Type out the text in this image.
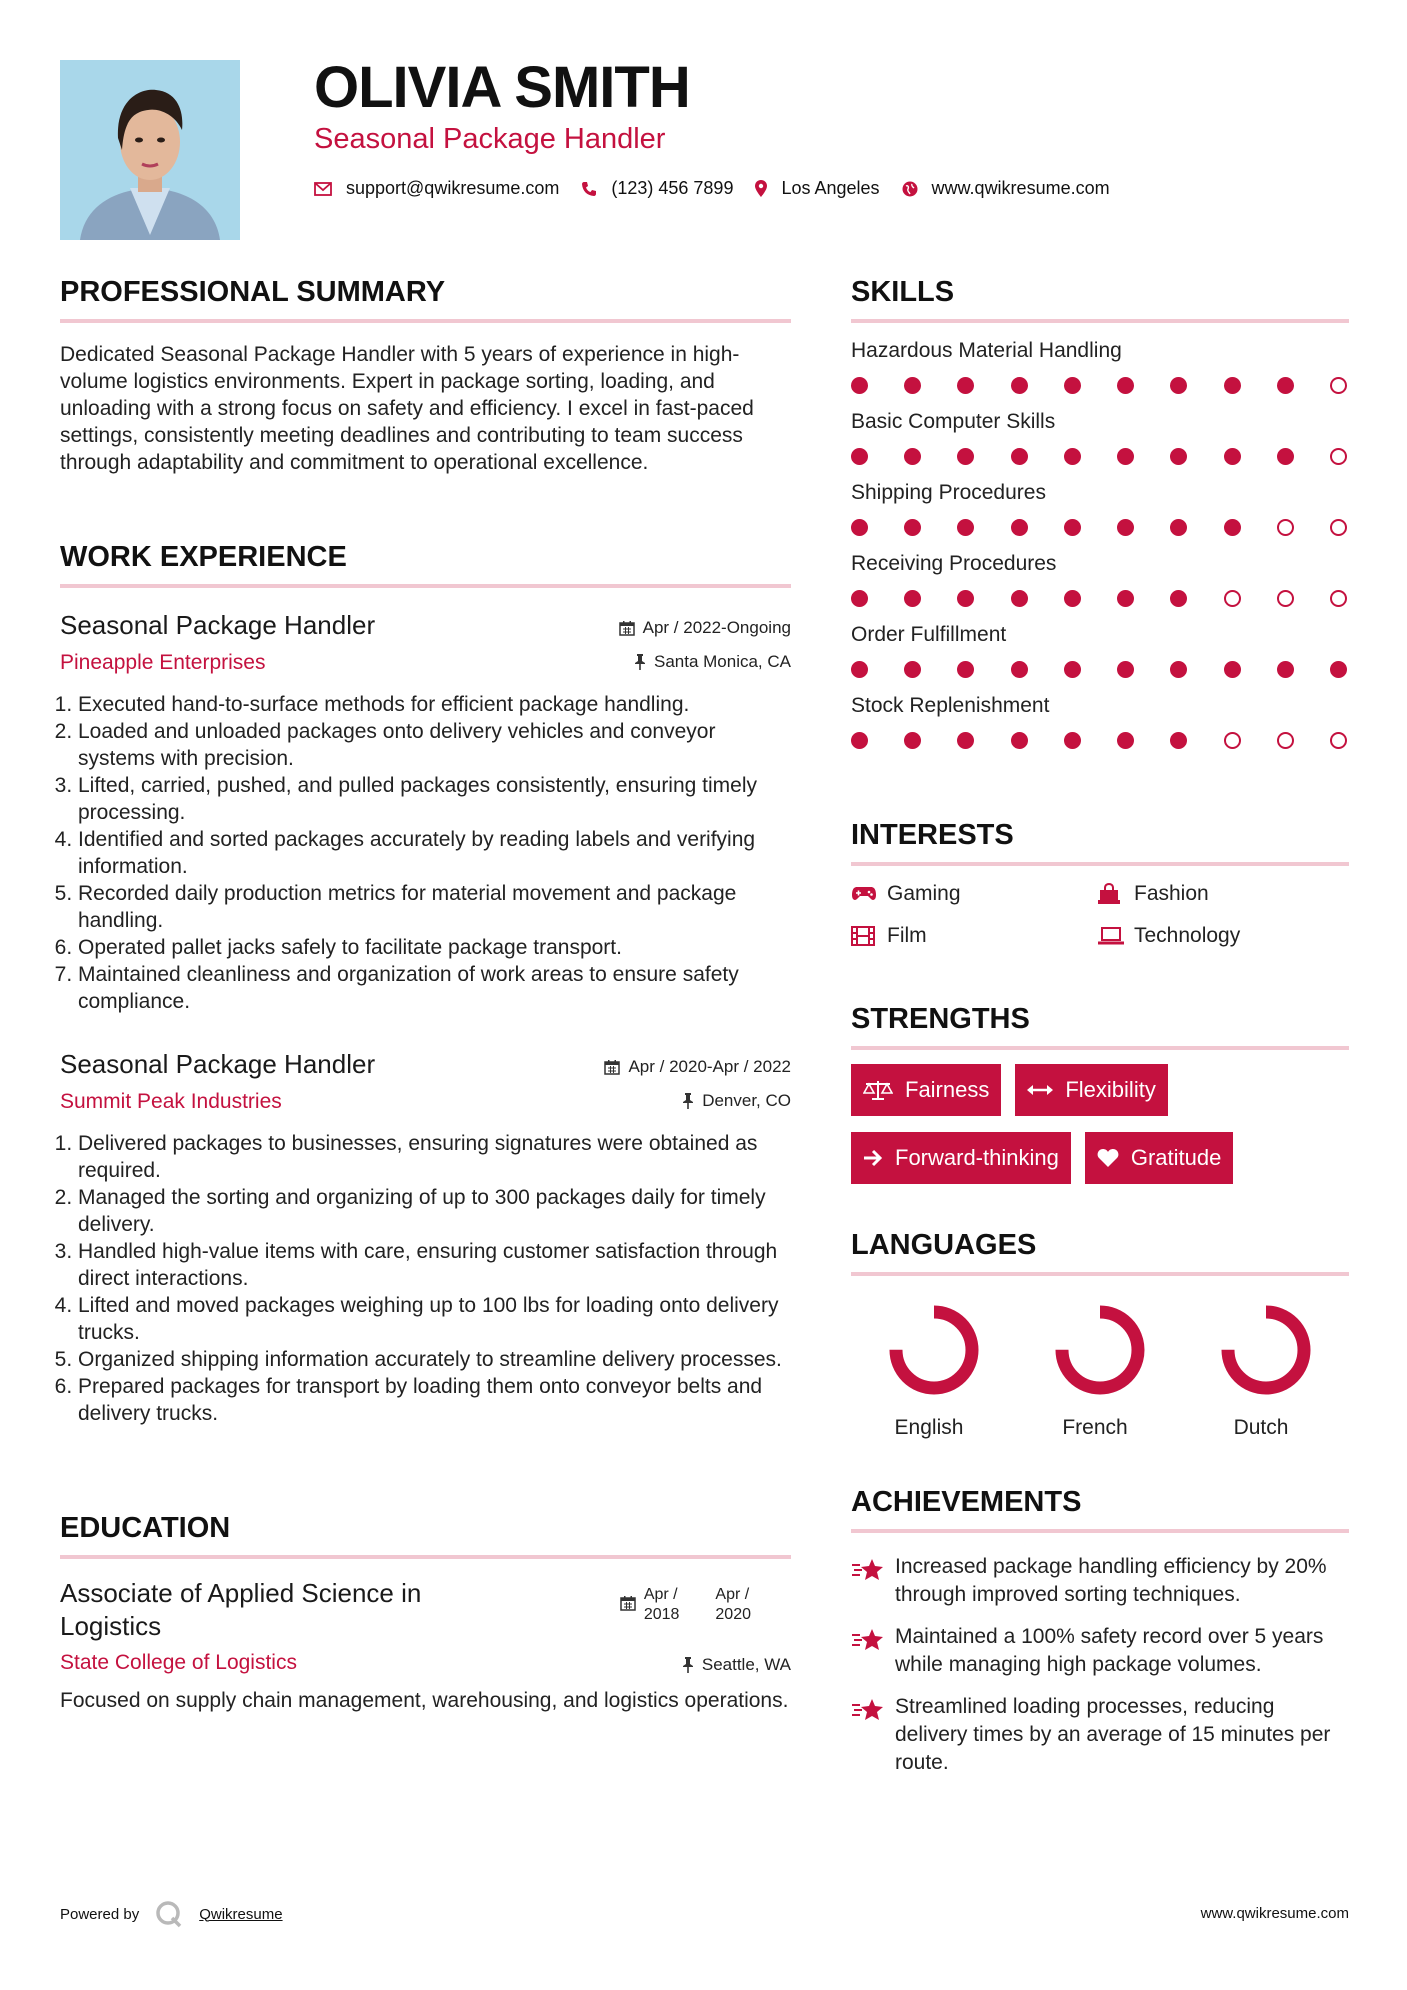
OLIVIA SMITH
Seasonal Package Handler
support@qwikresume.com	(123) 456 7899	Los Angeles	www.qwikresume.com
PROFESSIONAL SUMMARY

Dedicated Seasonal Package Handler with 5 years of experience in high-volume logistics environments. Expert in package sorting, loading, and unloading with a strong focus on safety and efficiency. I excel in fast-paced settings, consistently meeting deadlines and contributing to team success through adaptability and commitment to operational excellence.

WORK EXPERIENCE
Seasonal Package Handler
Pineapple Enterprises
Apr / 2022-Ongoing
Santa Monica, CA
1. Executed hand-to-surface methods for efficient package handling.
2. Loaded and unloaded packages onto delivery vehicles and conveyor systems with precision.
3. Lifted, carried, pushed, and pulled packages consistently, ensuring timely processing.
4. Identified and sorted packages accurately by reading labels and verifying information.
5. Recorded daily production metrics for material movement and package handling.
6. Operated pallet jacks safely to facilitate package transport.
7. Maintained cleanliness and organization of work areas to ensure safety compliance.
Seasonal Package Handler
Summit Peak Industries
Apr / 2020-Apr / 2022
Denver, CO
1. Delivered packages to businesses, ensuring signatures were obtained as required.
2. Managed the sorting and organizing of up to 300 packages daily for timely delivery.
3. Handled high-value items with care, ensuring customer satisfaction through direct interactions.
4. Lifted and moved packages weighing up to 100 lbs for loading onto delivery trucks.
5. Organized shipping information accurately to streamline delivery processes.
6. Prepared packages for transport by loading them onto conveyor belts and delivery trucks.
EDUCATION
Associate of Applied Science in Logistics
Apr /
2018
Apr /
2020
State College of Logistics	Seattle, WA

Focused on supply chain management, warehousing, and logistics operations.

SKILLS
Hazardous Material Handling
Basic Computer Skills
Shipping Procedures
Receiving Procedures
Order Fulfillment
Stock Replenishment
INTERESTS
Gaming	Fashion
Film	Technology
STRENGTHS
Fairness	Flexibility
Forward-thinking	Gratitude
LANGUAGES
English	French	Dutch
ACHIEVEMENTS
Increased package handling efficiency by 20% through improved sorting techniques.
Maintained a 100% safety record over 5 years while managing high package volumes.
Streamlined loading processes, reducing delivery times by an average of 15 minutes per route.
Powered by	Qwikresume	www.qwikresume.com
